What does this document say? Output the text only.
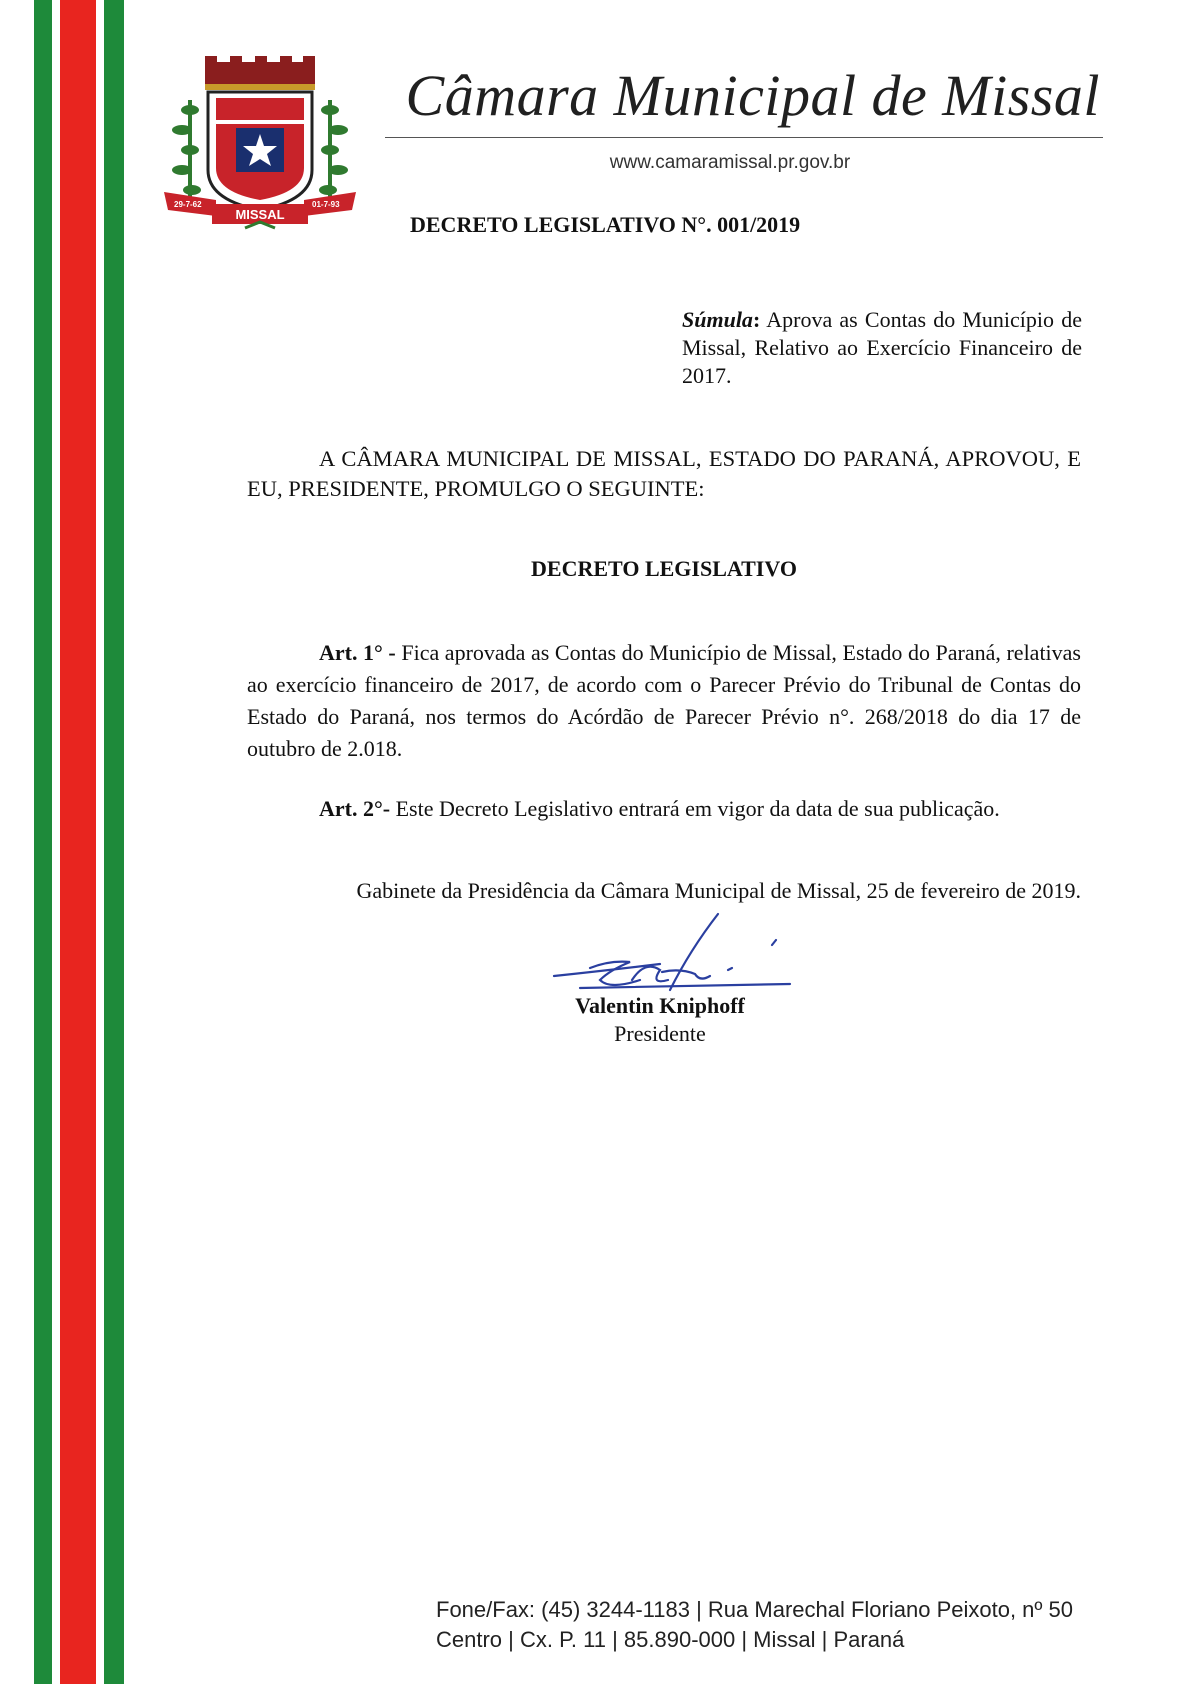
29-7-62	01-7-93
MISSAL
Câmara Municipal de Missal
www.camaramissal.pr.gov.br
DECRETO LEGISLATIVO N°. 001/2019
Súmula: Aprova as Contas do Município de Missal, Relativo ao Exercício Financeiro de 2017.
A CÂMARA MUNICIPAL DE MISSAL, ESTADO DO PARANÁ, APROVOU, E EU, PRESIDENTE, PROMULGO O SEGUINTE:
DECRETO LEGISLATIVO
Art. 1° - Fica aprovada as Contas do Município de Missal, Estado do Paraná, relativas ao exercício financeiro de 2017, de acordo com o Parecer Prévio do Tribunal de Contas do Estado do Paraná, nos termos do Acórdão de Parecer Prévio n°. 268/2018 do dia 17 de outubro de 2.018.
Art. 2°- Este Decreto Legislativo entrará em vigor da data de sua publicação.
Gabinete da Presidência da Câmara Municipal de Missal, 25 de fevereiro de 2019.
Valentin Kniphoff
Presidente
Fone/Fax: (45) 3244-1183 | Rua Marechal Floriano Peixoto, nº 50
Centro | Cx. P. 11 | 85.890-000 | Missal | Paraná
